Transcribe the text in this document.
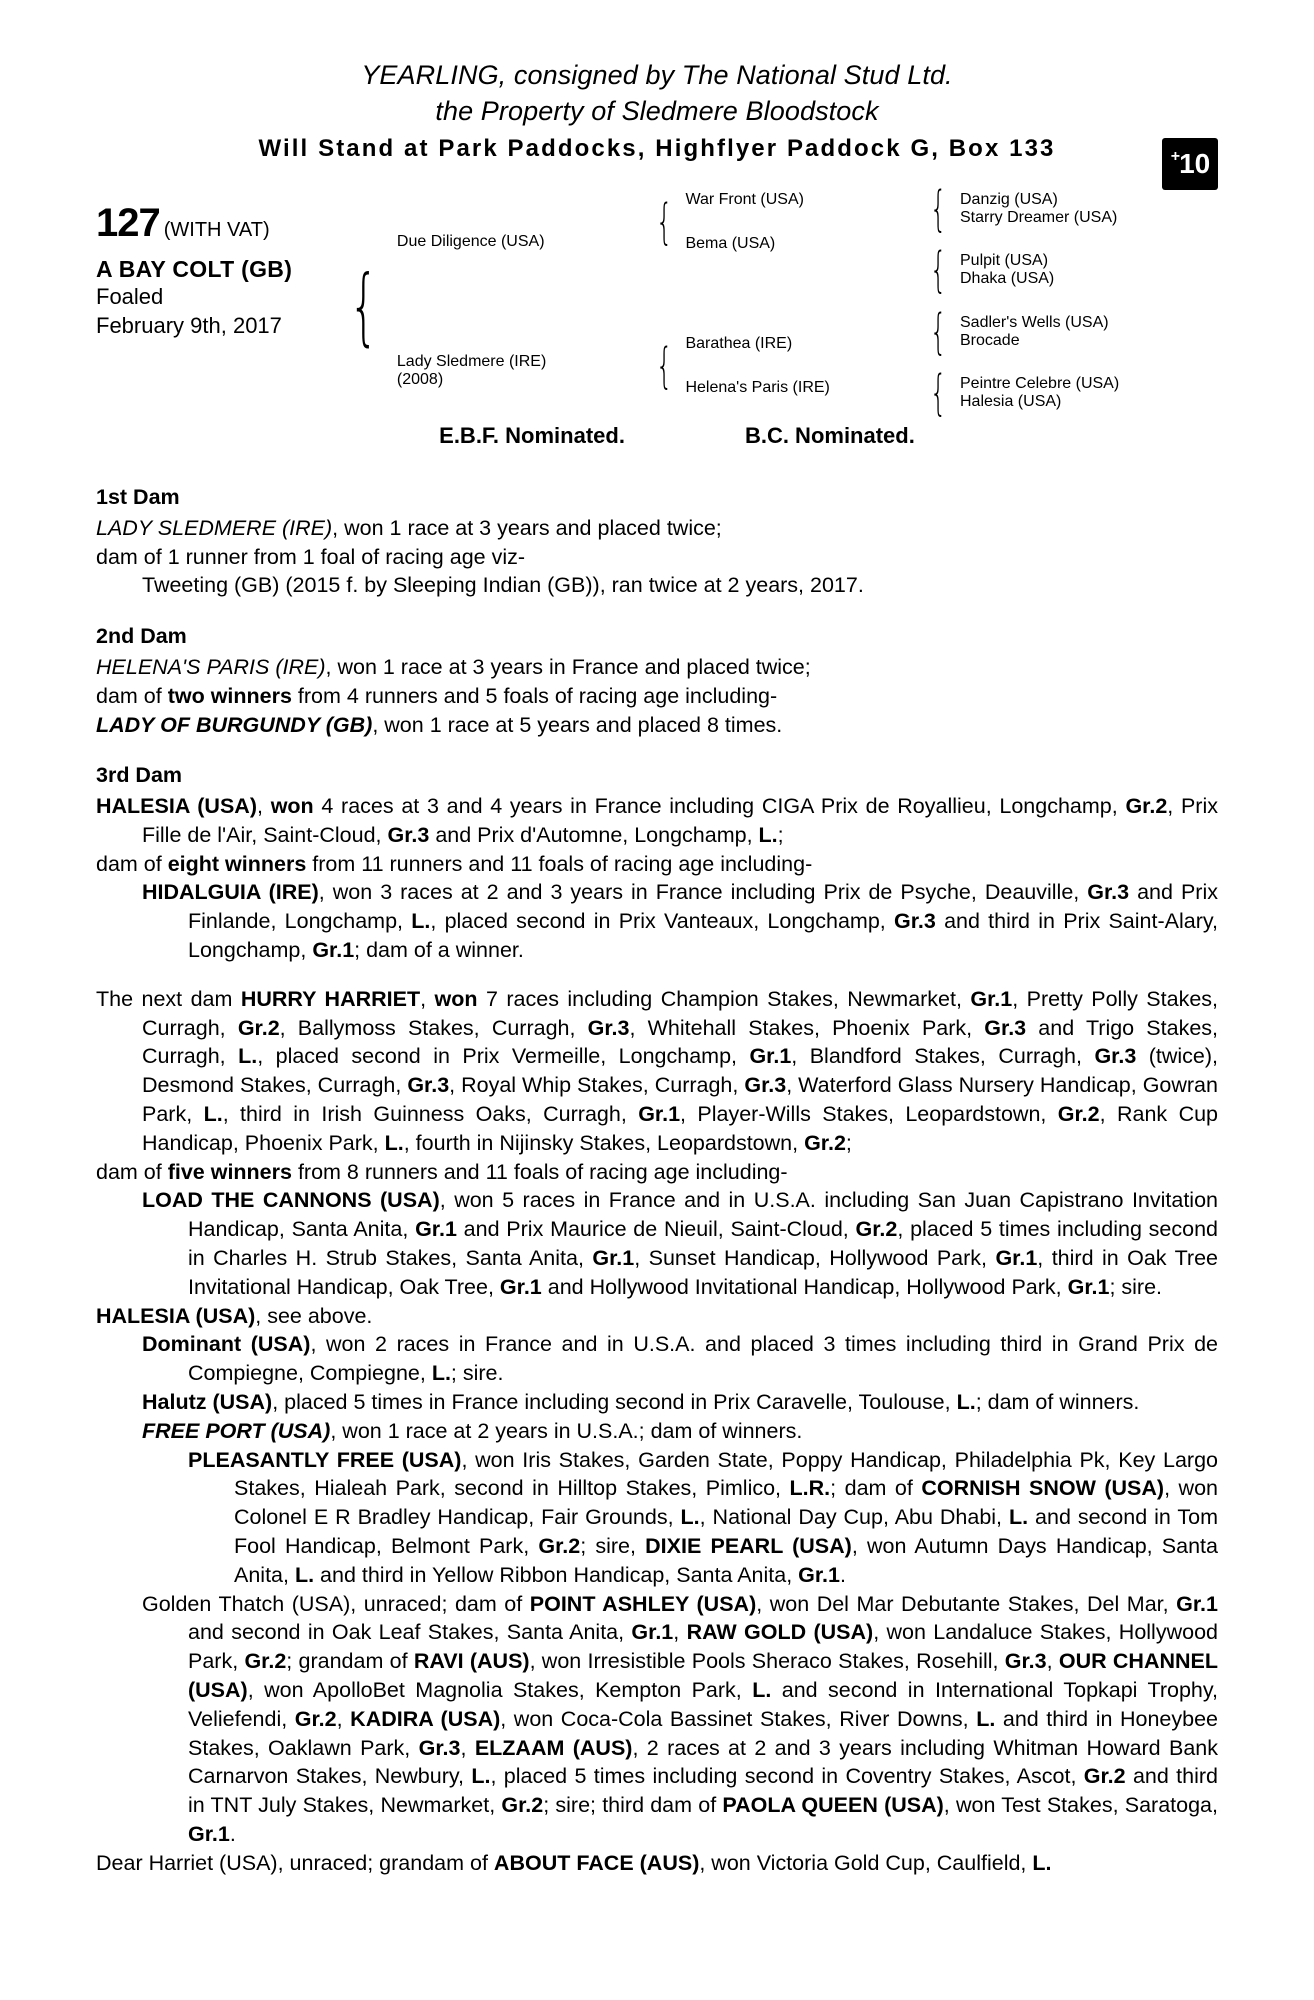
YEARLING, consigned by The National Stud Ltd.
the Property of Sledmere Bloodstock
Will Stand at Park Paddocks, Highflyer Paddock G, Box 133	+ 10
127 (WITH VAT)
A BAY COLT (GB)
Foaled
February 9th, 2017 {
Due Diligence (USA)
Lady Sledmere (IRE)
(2008)
{ War Front (USA)
Bema (USA)
{ Barathea (IRE)
Helena's Paris (IRE)
{ Danzig (USA)
Starry Dreamer (USA)
{ Pulpit (USA)
Dhaka (USA)
{ Sadler's Wells (USA)
Brocade
{ Peintre Celebre (USA)
Halesia (USA)
E.B.F. Nominated.	B.C. Nominated.
1st Dam

LADY SLEDMERE (IRE), won 1 race at 3 years and placed twice;

dam of 1 runner from 1 foal of racing age viz-

Tweeting (GB) (2015 f. by Sleeping Indian (GB)), ran twice at 2 years, 2017.

2nd Dam

HELENA'S PARIS (IRE), won 1 race at 3 years in France and placed twice;

dam of two winners from 4 runners and 5 foals of racing age including-

LADY OF BURGUNDY (GB), won 1 race at 5 years and placed 8 times.

3rd Dam

HALESIA (USA), won 4 races at 3 and 4 years in France including CIGA Prix de Royallieu, Longchamp, Gr.2, Prix Fille de l'Air, Saint-Cloud, Gr.3 and Prix d'Automne, Longchamp, L.;

dam of eight winners from 11 runners and 11 foals of racing age including-

HIDALGUIA (IRE), won 3 races at 2 and 3 years in France including Prix de Psyche, Deauville, Gr.3 and Prix Finlande, Longchamp, L., placed second in Prix Vanteaux, Longchamp, Gr.3 and third in Prix Saint-Alary, Longchamp, Gr.1; dam of a winner.

The next dam HURRY HARRIET, won 7 races including Champion Stakes, Newmarket, Gr.1, Pretty Polly Stakes, Curragh, Gr.2, Ballymoss Stakes, Curragh, Gr.3, Whitehall Stakes, Phoenix Park, Gr.3 and Trigo Stakes, Curragh, L., placed second in Prix Vermeille, Longchamp, Gr.1, Blandford Stakes, Curragh, Gr.3 (twice), Desmond Stakes, Curragh, Gr.3, Royal Whip Stakes, Curragh, Gr.3, Waterford Glass Nursery Handicap, Gowran Park, L., third in Irish Guinness Oaks, Curragh, Gr.1, Player-Wills Stakes, Leopardstown, Gr.2, Rank Cup Handicap, Phoenix Park, L., fourth in Nijinsky Stakes, Leopardstown, Gr.2;

dam of five winners from 8 runners and 11 foals of racing age including-

LOAD THE CANNONS (USA), won 5 races in France and in U.S.A. including San Juan Capistrano Invitation Handicap, Santa Anita, Gr.1 and Prix Maurice de Nieuil, Saint-Cloud, Gr.2, placed 5 times including second in Charles H. Strub Stakes, Santa Anita, Gr.1, Sunset Handicap, Hollywood Park, Gr.1, third in Oak Tree Invitational Handicap, Oak Tree, Gr.1 and Hollywood Invitational Handicap, Hollywood Park, Gr.1; sire.

HALESIA (USA), see above.

Dominant (USA), won 2 races in France and in U.S.A. and placed 3 times including third in Grand Prix de Compiegne, Compiegne, L.; sire.

Halutz (USA), placed 5 times in France including second in Prix Caravelle, Toulouse, L.; dam of winners.

FREE PORT (USA), won 1 race at 2 years in U.S.A.; dam of winners.

PLEASANTLY FREE (USA), won Iris Stakes, Garden State, Poppy Handicap, Philadelphia Pk, Key Largo Stakes, Hialeah Park, second in Hilltop Stakes, Pimlico, L.R.; dam of CORNISH SNOW (USA), won Colonel E R Bradley Handicap, Fair Grounds, L., National Day Cup, Abu Dhabi, L. and second in Tom Fool Handicap, Belmont Park, Gr.2; sire, DIXIE PEARL (USA), won Autumn Days Handicap, Santa Anita, L. and third in Yellow Ribbon Handicap, Santa Anita, Gr.1.

Golden Thatch (USA), unraced; dam of POINT ASHLEY (USA), won Del Mar Debutante Stakes, Del Mar, Gr.1 and second in Oak Leaf Stakes, Santa Anita, Gr.1, RAW GOLD (USA), won Landaluce Stakes, Hollywood Park, Gr.2; grandam of RAVI (AUS), won Irresistible Pools Sheraco Stakes, Rosehill, Gr.3, OUR CHANNEL (USA), won ApolloBet Magnolia Stakes, Kempton Park, L. and second in International Topkapi Trophy, Veliefendi, Gr.2, KADIRA (USA), won Coca-Cola Bassinet Stakes, River Downs, L. and third in Honeybee Stakes, Oaklawn Park, Gr.3, ELZAAM (AUS), 2 races at 2 and 3 years including Whitman Howard Bank Carnarvon Stakes, Newbury, L., placed 5 times including second in Coventry Stakes, Ascot, Gr.2 and third in TNT July Stakes, Newmarket, Gr.2; sire; third dam of PAOLA QUEEN (USA), won Test Stakes, Saratoga, Gr.1.

Dear Harriet (USA), unraced; grandam of ABOUT FACE (AUS), won Victoria Gold Cup, Caulfield, L.
